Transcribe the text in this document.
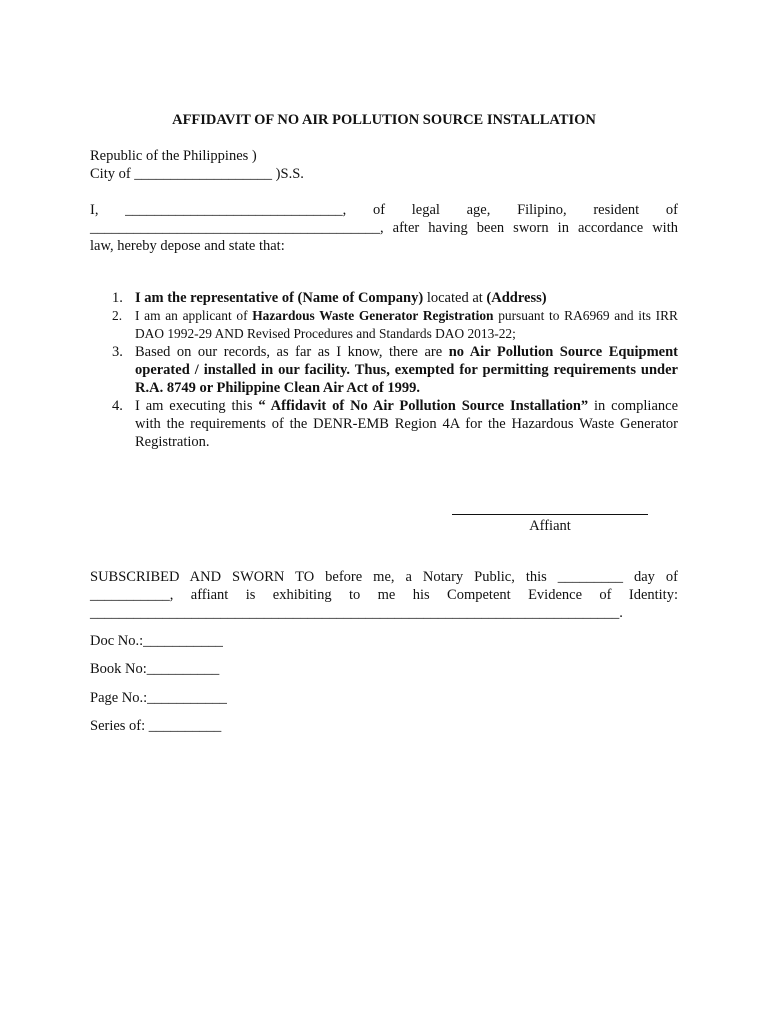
AFFIDAVIT OF NO AIR POLLUTION SOURCE INSTALLATION

Republic of the Philippines )

City of ___________________ )S.S.

I, ______________________________, of legal age, Filipino, resident of

________________________________________, after having been sworn in accordance with

law, hereby depose and state that:

1. I am the representative of (Name of Company) located at (Address)
2. I am an applicant of Hazardous Waste Generator Registration pursuant to RA6969 and its IRR DAO 1992-29 AND Revised Procedures and Standards DAO 2013-22;
3. Based on our records, as far as I know, there are no Air Pollution Source Equipment operated / installed in our facility. Thus, exempted for permitting requirements under R.A. 8749 or Philippine Clean Air Act of 1999.
4. I am executing this “ Affidavit of No Air Pollution Source Installation” in compliance with the requirements of the DENR-EMB Region 4A for the Hazardous Waste Generator Registration.

Affiant

SUBSCRIBED AND SWORN TO before me, a Notary Public, this _________ day of

___________, affiant is exhibiting to me his Competent Evidence of Identity:

_________________________________________________________________________.

Doc No.:___________

Book No:__________

Page No.:___________

Series of: __________
